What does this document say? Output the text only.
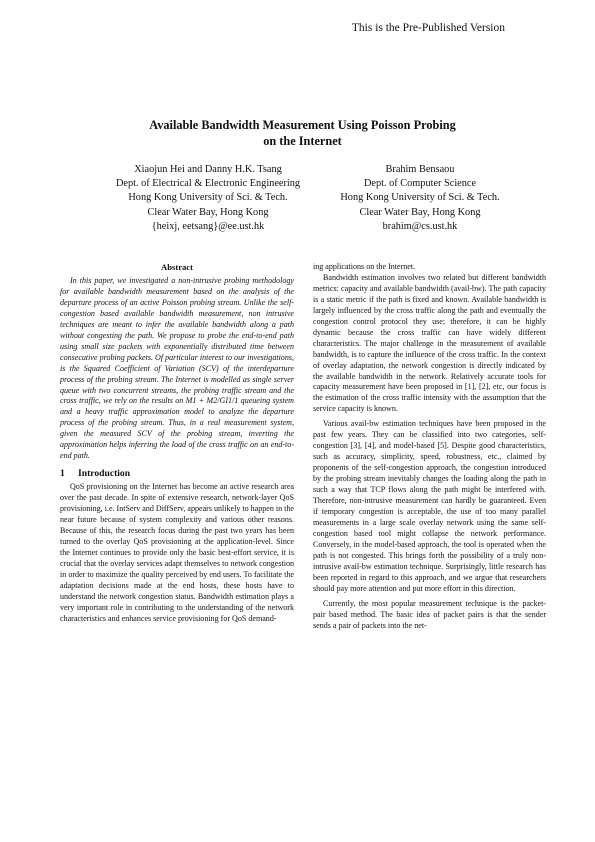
This is the Pre-Published Version
Available Bandwidth Measurement Using Poisson Probing
on the Internet
Xiaojun Hei and Danny H.K. Tsang
Dept. of Electrical & Electronic Engineering
Hong Kong University of Sci. & Tech.
Clear Water Bay, Hong Kong
{heixj, eetsang}@ee.ust.hk
Brahim Bensaou
Dept. of Computer Science
Hong Kong University of Sci. & Tech.
Clear Water Bay, Hong Kong
brahim@cs.ust.hk

Abstract

In this paper, we investigated a non-intrusive probing methodology for available bandwidth measurement based on the analysis of the departure process of an active Poisson probing stream. Unlike the self-congestion based available bandwidth measurement, non intrusive techniques are meant to infer the available bandwidth along a path without congesting the path. We propose to probe the end-to-end path using small size packets with exponentially distributed time between consecutive probing packets. Of particular interest to our investigations, is the Squared Coefficient of Variation (SCV) of the interdeparture process of the probing stream. The Internet is modelled as single server queue with two concurrent streams, the probing traffic stream and the cross traffic, we rely on the results on M1 + M2/GI1/1 queueing system and a heavy traffic approximation model to analyze the departure process of the probing stream. Thus, in a real measurement system, given the measured SCV of the probing stream, inverting the approximation helps inferring the load of the cross traffic on an end-to-end path.

1 Introduction

QoS provisioning on the Internet has become an active research area over the past decade. In spite of extensive research, network-layer QoS provisioning, i.e. IntServ and DiffServ, appears unlikely to happen in the near future because of system complexity and various other reasons. Because of this, the research focus during the past two years has been turned to the overlay QoS provisioning at the application-level. Since the Internet continues to provide only the basic best-effort service, it is crucial that the overlay services adapt themselves to network congestion in order to maximize the quality perceived by end users. To facilitate the adaptation decisions made at the end hosts, these hosts have to understand the network congestion status. Bandwidth estimation plays a very important role in contributing to the understanding of the network characteristics and enhances service provisioning for QoS demand-

ing applications on the Internet.

Bandwidth estimation involves two related but different bandwidth metrics: capacity and available bandwidth (avail-bw). The path capacity is a static metric if the path is fixed and known. Available bandwidth is largely influenced by the cross traffic along the path and eventually the congestion control protocol they use; therefore, it can be highly dynamic because the cross traffic can have widely different characteristics. The major challenge in the measurement of available bandwidth, is to capture the influence of the cross traffic. In the context of overlay adaptation, the network congestion is directly indicated by the available bandwidth in the network. Relatively accurate tools for capacity measurement have been proposed in [1], [2], etc, our focus is the estimation of the cross traffic intensity with the assumption that the service capacity is known.

Various avail-bw estimation techniques have been proposed in the past few years. They can be classified into two categories, self-congestion [3], [4], and model-based [5]. Despite good characteristics, such as accuracy, simplicity, speed, robustness, etc., claimed by proponents of the self-congestion approach, the congestion introduced by the probing stream inevitably changes the loading along the path in such a way that TCP flows along the path might be interfered with. Therefore, non-intrusive measurement can hardly be guaranteed. Even if temporary congestion is acceptable, the use of too many parallel measurements in a large scale overlay network using the same self-congestion based tool might collapse the network performance. Conversely, in the model-based approach, the tool is operated when the path is not congested. This brings forth the possibility of a truly non-intrusive avail-bw estimation technique. Surprisingly, little research has been reported in regard to this approach, and we argue that researchers should pay more attention and put more effort in this direction.

Currently, the most popular measurement technique is the packet-pair based method. The basic idea of packet pairs is that the sender sends a pair of packets into the net-
